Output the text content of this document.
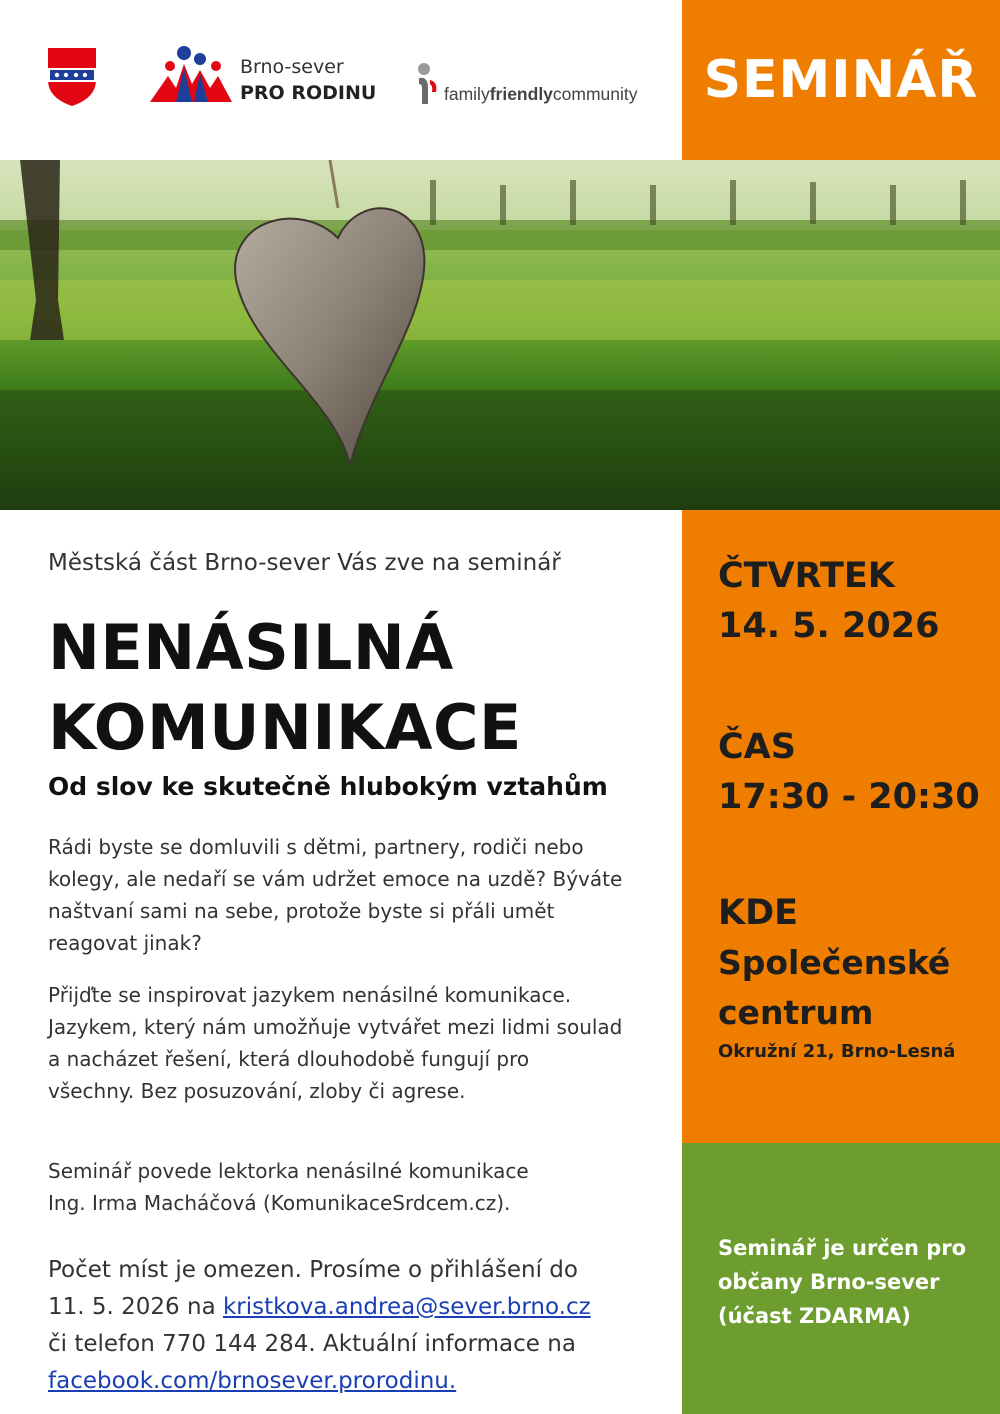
Brno-sever
PRO RODINU	familyfriendlycommunity SEMINÁŘ
Městská část Brno-sever Vás zve na seminář
NENÁSILNÁ
KOMUNIKACE
Od slov ke skutečně hlubokým vztahům
Rádi byste se domluvili s dětmi, partnery, rodiči nebo
kolegy, ale nedaří se vám udržet emoce na uzdě? Býváte
naštvaní sami na sebe, protože byste si přáli umět
reagovat jinak?
Přijďte se inspirovat jazykem nenásilné komunikace.
Jazykem, který nám umožňuje vytvářet mezi lidmi soulad
a nacházet řešení, která dlouhodobě fungují pro
všechny. Bez posuzování, zloby či agrese.
Seminář povede lektorka nenásilné komunikace
Ing. Irma Macháčová (KomunikaceSrdcem.cz).
Počet míst je omezen. Prosíme o přihlášení do
11. 5. 2026 na kristkova.andrea@sever.brno.cz
či telefon 770 144 284. Aktuální informace na
facebook.com/brnosever.prorodinu.
ČTVRTEK
14. 5. 2026
ČAS
17:30 - 20:30
KDE
Společenské
centrum
Okružní 21, Brno-Lesná
Seminář je určen pro
občany Brno-sever
(účast ZDARMA)
